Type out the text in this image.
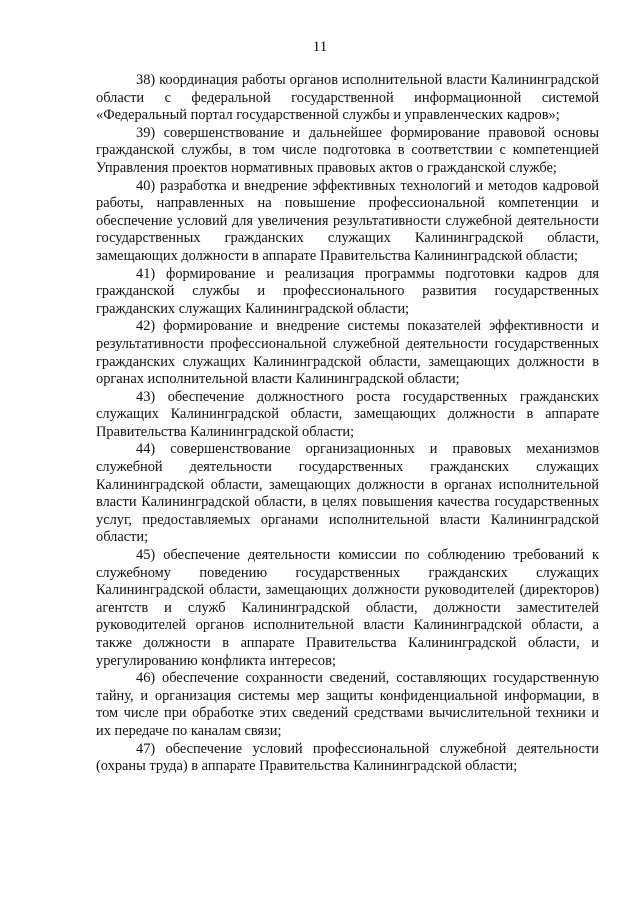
11

38) координация работы органов исполнительной власти Калининградской области с федеральной государственной информационной системой «Федеральный портал государственной службы и управленческих кадров»;

39) совершенствование и дальнейшее формирование правовой основы гражданской службы, в том числе подготовка в соответствии с компетенцией Управления проектов нормативных правовых актов о гражданской службе;

40) разработка и внедрение эффективных технологий и методов кадровой работы, направленных на повышение профессиональной компетенции и обеспечение условий для увеличения результативности служебной деятельности государственных гражданских служащих Калининградской области, замещающих должности в аппарате Правительства Калининградской области;

41) формирование и реализация программы подготовки кадров для гражданской службы и профессионального развития государственных гражданских служащих Калининградской области;

42) формирование и внедрение системы показателей эффективности и результативности профессиональной служебной деятельности государственных гражданских служащих Калининградской области, замещающих должности в органах исполнительной власти Калининградской области;

43) обеспечение должностного роста государственных гражданских служащих Калининградской области, замещающих должности в аппарате Правительства Калининградской области;

44) совершенствование организационных и правовых механизмов служебной деятельности государственных гражданских служащих Калининградской области, замещающих должности в органах исполнительной власти Калининградской области, в целях повышения качества государственных услуг, предоставляемых органами исполнительной власти Калининградской области;

45) обеспечение деятельности комиссии по соблюдению требований к служебному поведению государственных гражданских служащих Калининградской области, замещающих должности руководителей (директоров) агентств и служб Калининградской области, должности заместителей руководителей органов исполнительной власти Калининградской области, а также должности в аппарате Правительства Калининградской области, и урегулированию конфликта интересов;

46) обеспечение сохранности сведений, составляющих государственную тайну, и организация системы мер защиты конфиденциальной информации, в том числе при обработке этих сведений средствами вычислительной техники и их передаче по каналам связи;

47) обеспечение условий профессиональной служебной деятельности (охраны труда) в аппарате Правительства Калининградской области;
